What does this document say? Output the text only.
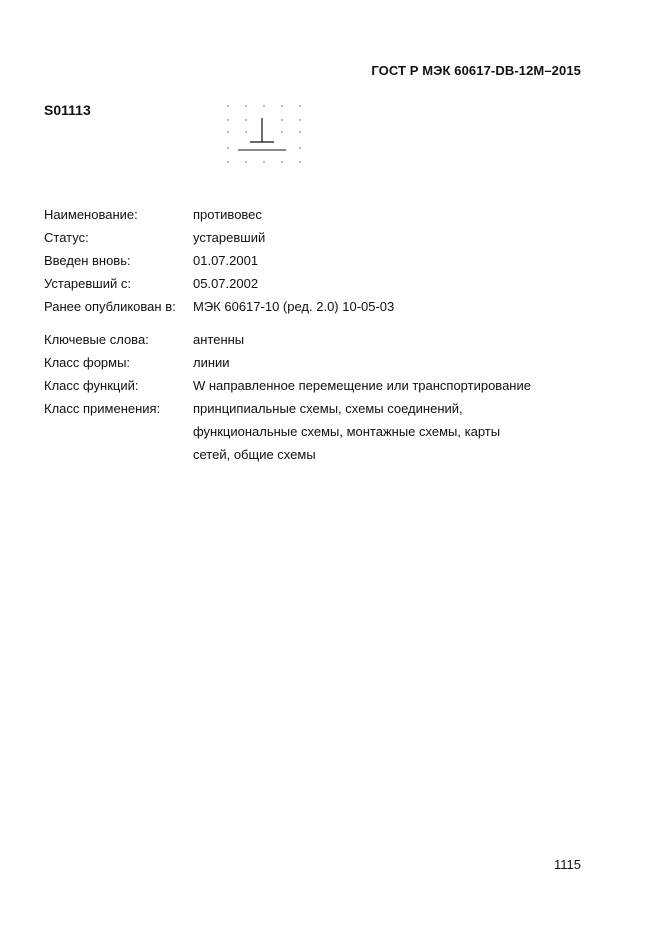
ГОСТ Р МЭК 60617-DB-12M–2015
S01113
Наименование:	противовес
Статус:	устаревший
Введен вновь:	01.07.2001
Устаревший с:	05.07.2002
Ранее опубликован в: МЭК 60617-10 (ред. 2.0) 10-05-03
Ключевые слова:	антенны
Класс формы:	линии
Класс функций:	W направленное перемещение или транспортирование
Класс применения:	принципиальные схемы, схемы соединений,
функциональные схемы, монтажные схемы, карты
сетей, общие схемы
1115
